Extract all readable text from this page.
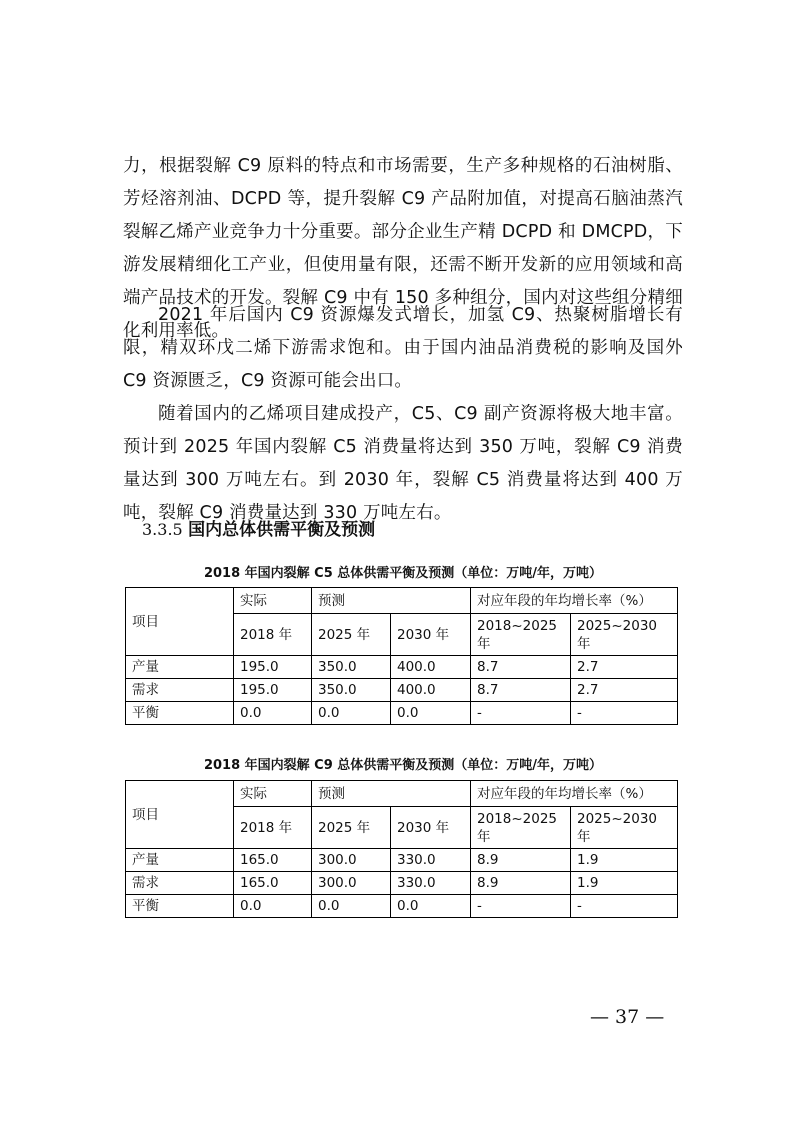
力，根据裂解 C9 原料的特点和市场需要，生产多种规格的石油树脂、芳烃溶剂油、DCPD 等，提升裂解 C9 产品附加值，对提高石脑油蒸汽裂解乙烯产业竞争力十分重要。部分企业生产精 DCPD 和 DMCPD，下游发展精细化工产业，但使用量有限，还需不断开发新的应用领域和高端产品技术的开发。裂解 C9 中有 150 多种组分，国内对这些组分精细化利用率低。

2021 年后国内 C9 资源爆发式增长，加氢 C9、热聚树脂增长有限，精双环戊二烯下游需求饱和。由于国内油品消费税的影响及国外 C9 资源匮乏，C9 资源可能会出口。

随着国内的乙烯项目建成投产，C5、C9 副产资源将极大地丰富。预计到 2025 年国内裂解 C5 消费量将达到 350 万吨，裂解 C9 消费量达到 300 万吨左右。到 2030 年，裂解 C5 消费量将达到 400 万吨，裂解 C9 消费量达到 330 万吨左右。

3.3.5 国内总体供需平衡及预测

2018 年国内裂解 C5 总体供需平衡及预测（单位：万吨/年，万吨）

项目	实际	预测		对应年段的年均增长率（%）	
	2018 年	2025 年	2030 年	2018~2025 年	2025~2030 年
产量	195.0	350.0	400.0	8.7	2.7
需求	195.0	350.0	400.0	8.7	2.7
平衡	0.0	0.0	0.0	-	-

2018 年国内裂解 C9 总体供需平衡及预测（单位：万吨/年，万吨）

项目	实际	预测		对应年段的年均增长率（%）	
	2018 年	2025 年	2030 年	2018~2025 年	2025~2030 年
产量	165.0	300.0	330.0	8.9	1.9
需求	165.0	300.0	330.0	8.9	1.9
平衡	0.0	0.0	0.0	-	-
— 37 —
